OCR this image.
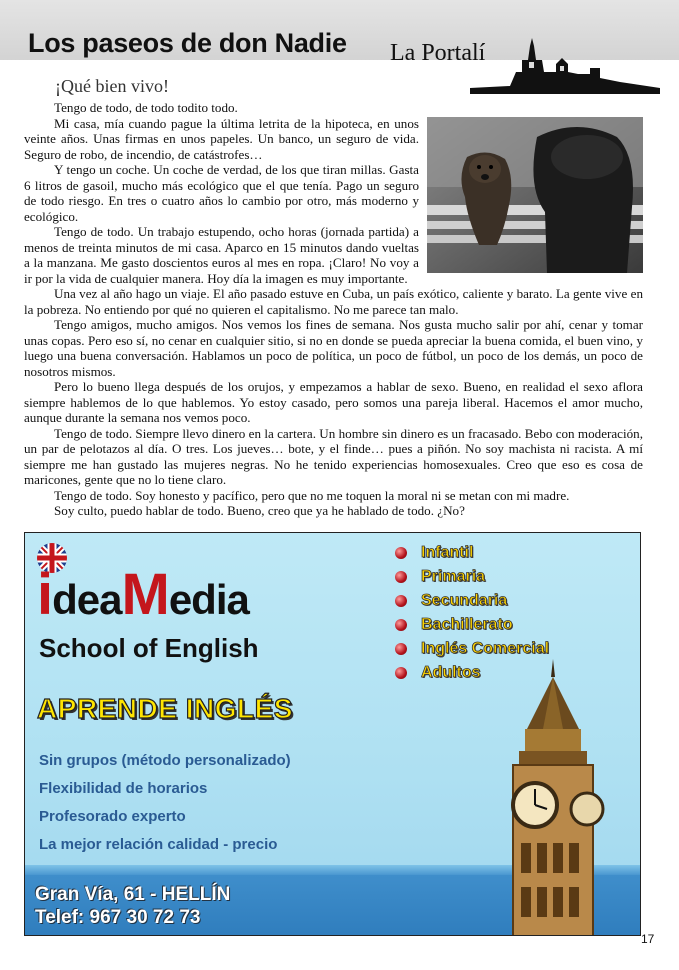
Los paseos de don Nadie La Portalí
¡Qué bien vivo!

Tengo de todo, de todo todito todo.

Mi casa, mía cuando pague la última letrita de la hipoteca, en unos veinte años. Unas firmas en unos papeles. Un banco, un seguro de vida. Seguro de robo, de incendio, de catástrofes…

Y tengo un coche. Un coche de verdad, de los que tiran millas. Gasta 6 litros de gasoil, mucho más ecológico que el que tenía. Pago un seguro de todo riesgo. En tres o cuatro años lo cambio por otro, más moderno y ecológico.

Tengo de todo. Un trabajo estupendo, ocho horas (jornada partida) a menos de treinta minutos de mi casa. Aparco en 15 minutos dando vueltas a la manzana. Me gasto doscientos euros al mes en ropa. ¡Claro! No voy a ir por la vida de cualquier manera. Hoy día la imagen es muy importante.

Una vez al año hago un viaje. El año pasado estuve en Cuba, un país exótico, caliente y barato. La gente vive en la pobreza. No entiendo por qué no quieren el capitalismo. No me parece tan malo.

Tengo amigos, mucho amigos. Nos vemos los fines de semana. Nos gusta mucho salir por ahí, cenar y tomar unas copas. Pero eso sí, no cenar en cualquier sitio, si no en donde se pueda apreciar la buena comida, el buen vino, y luego una buena conversación. Hablamos un poco de política, un poco de fútbol, un poco de los demás, un poco de nosotros mismos.

Pero lo bueno llega después de los orujos, y empezamos a hablar de sexo. Bueno, en realidad el sexo aflora siempre hablemos de lo que hablemos. Yo estoy casado, pero somos una pareja liberal. Hacemos el amor mucho, aunque durante la semana nos vemos poco.

Tengo de todo. Siempre llevo dinero en la cartera. Un hombre sin dinero es un fracasado. Bebo con moderación, un par de pelotazos al día. O tres. Los jueves… bote, y el finde… pues a piñón. No soy machista ni racista. A mí siempre me han gustado las mujeres negras. No he tenido experiencias homosexuales. Creo que eso es cosa de maricones, gente que no lo tiene claro.

Tengo de todo. Soy honesto y pacífico, pero que no me toquen la moral ni se metan con mi madre.

Soy culto, puedo hablar de todo. Bueno, creo que ya he hablado de todo. ¿No?

ideaMedia
School of English
Infantil
Primaria
Secundaria
Bachillerato
Inglés Comercial
Adultos
APRENDE INGLÉS
Sin grupos (método personalizado)
Flexibilidad de horarios
Profesorado experto
La mejor relación calidad - precio
Gran Vía, 61 - HELLÍN
Telef: 967 30 72 73
17
